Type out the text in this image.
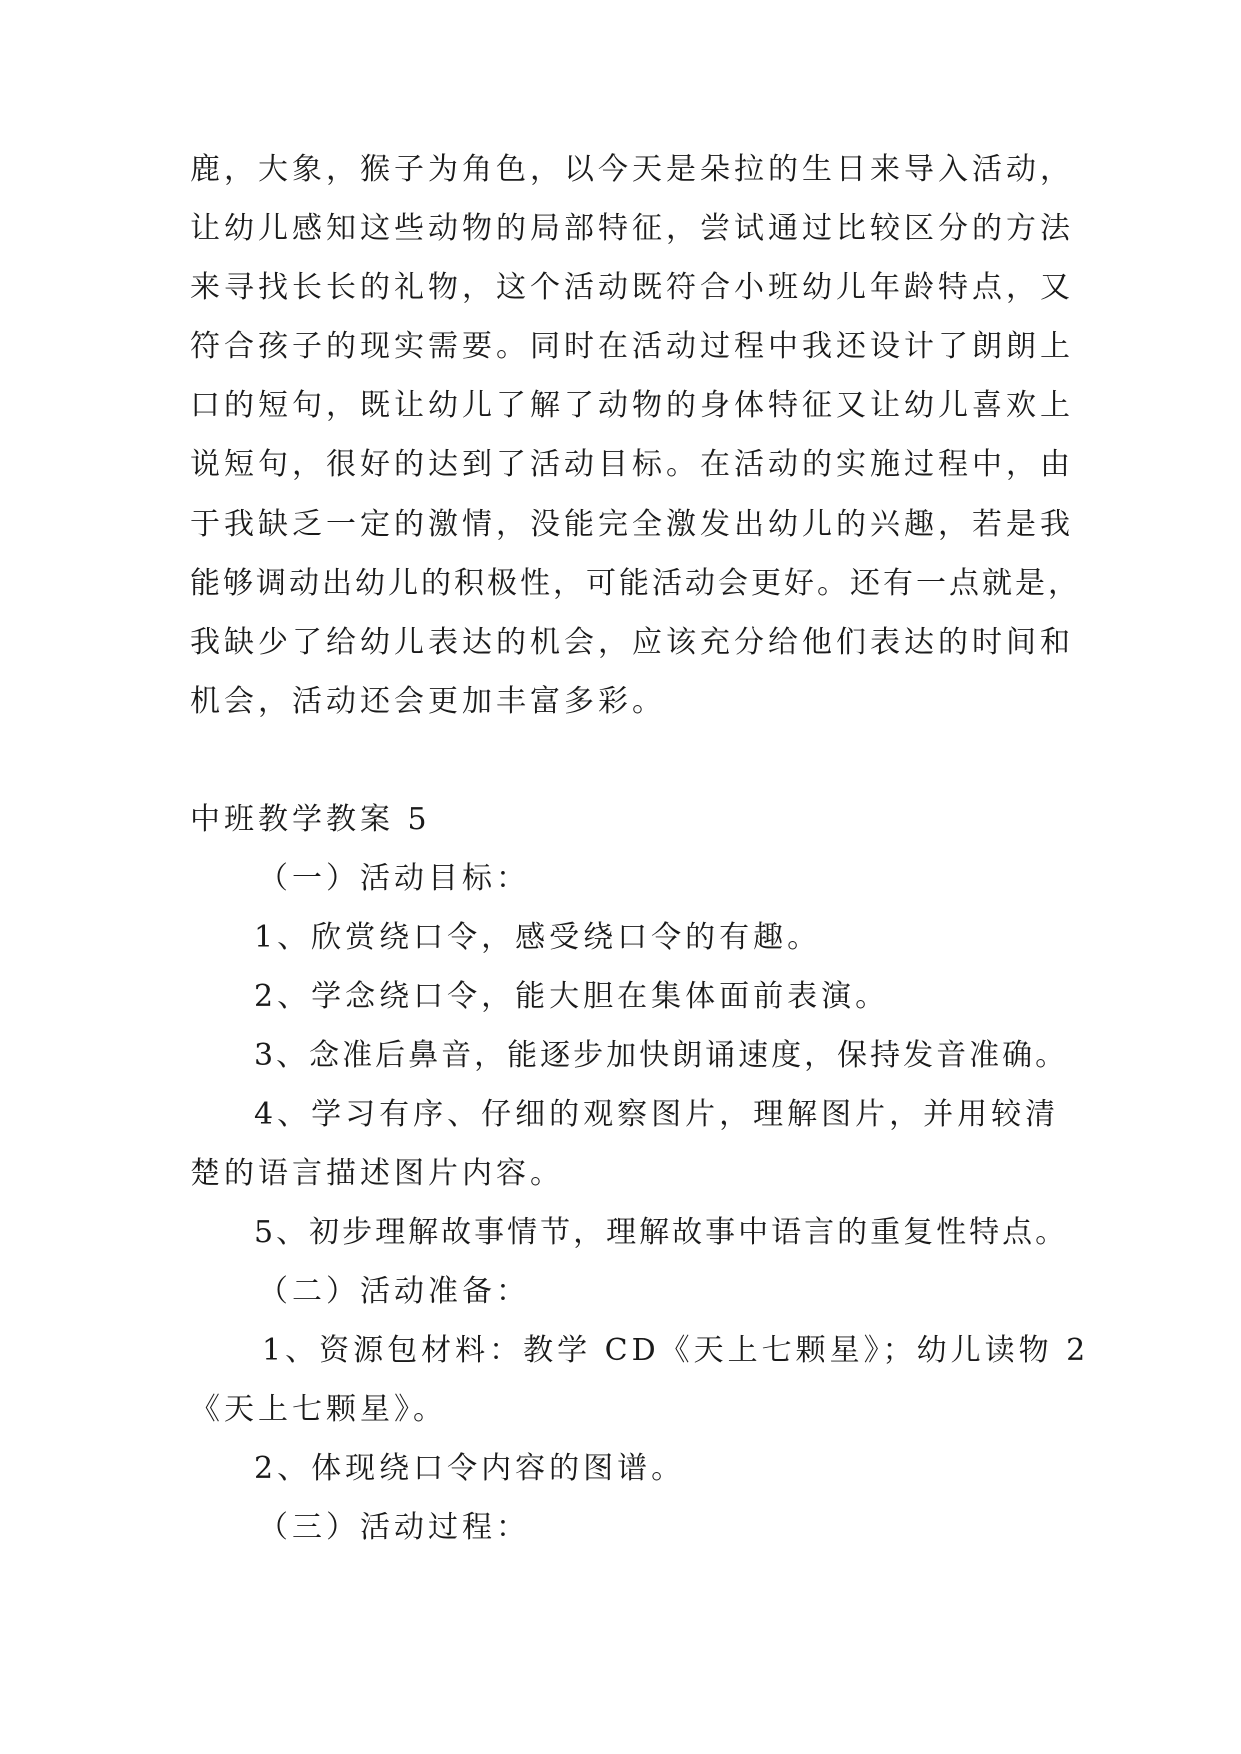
鹿，大象，猴子为角色，以今天是朵拉的生日来导入活动，
让幼儿感知这些动物的局部特征，尝试通过比较区分的方法
来寻找长长的礼物，这个活动既符合小班幼儿年龄特点，又
符合孩子的现实需要。同时在活动过程中我还设计了朗朗上
口的短句，既让幼儿了解了动物的身体特征又让幼儿喜欢上
说短句，很好的达到了活动目标。在活动的实施过程中，由
于我缺乏一定的激情，没能完全激发出幼儿的兴趣，若是我
能够调动出幼儿的积极性，可能活动会更好。还有一点就是，
我缺少了给幼儿表达的机会，应该充分给他们表达的时间和
机会，活动还会更加丰富多彩。
中班教学教案 5
（一）活动目标：
1、欣赏绕口令，感受绕口令的有趣。
2、学念绕口令，能大胆在集体面前表演。
3、念准后鼻音，能逐步加快朗诵速度，保持发音准确。
4、学习有序、仔细的观察图片，理解图片，并用较清
楚的语言描述图片内容。
5、初步理解故事情节，理解故事中语言的重复性特点。
（二）活动准备：
1、资源包材料：教学 CD《天上七颗星》；幼儿读物 2
《天上七颗星》。
2、体现绕口令内容的图谱。
（三）活动过程：
